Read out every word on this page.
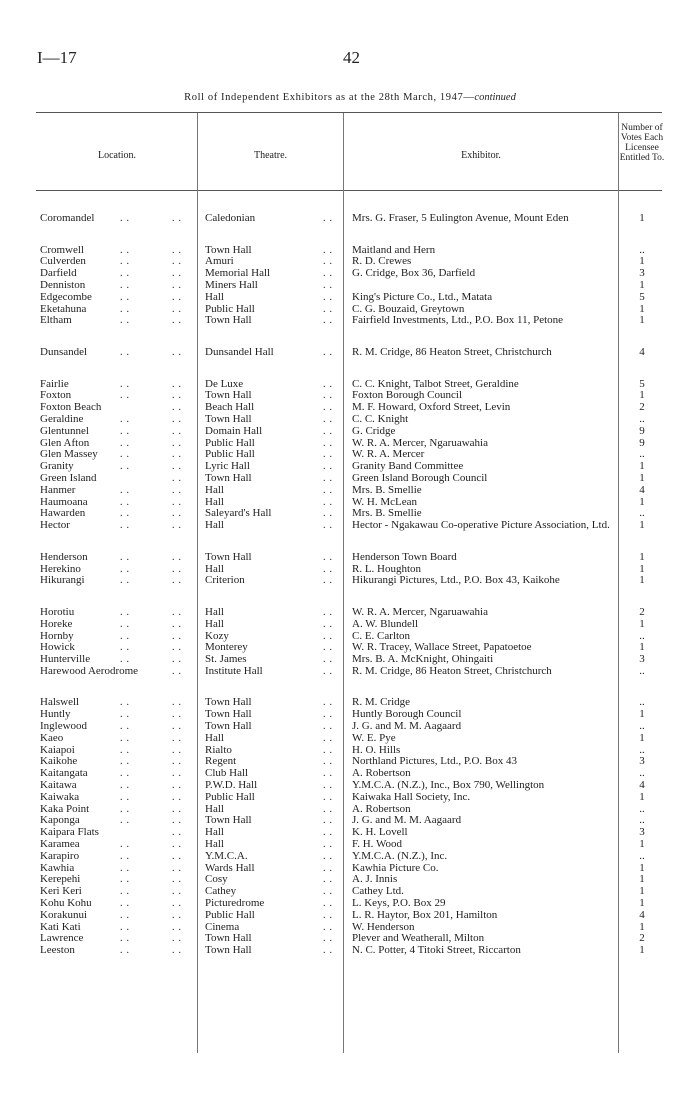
I—17	42
Roll of Independent Exhibitors as at the 28th March, 1947—continued
Location.	Theatre.	Exhibitor.
Number of Votes Each Licensee Entitled To.
Coromandel	..	.. Caledonian	.. Mrs. G. Fraser, 5 Eulington Avenue, Mount Eden	1
Cromwell	..	.. Town Hall	.. Maitland and Hern	..
Culverden	..	.. Amuri	.. R. D. Crewes	1
Darfield	..	.. Memorial Hall	.. G. Cridge, Box 36, Darfield	3
Denniston	..	.. Miners Hall	..	1
Edgecombe	..	.. Hall	.. King's Picture Co., Ltd., Matata	5
Eketahuna	..	.. Public Hall	.. C. G. Bouzaid, Greytown	1
Eltham	..	.. Town Hall	.. Fairfield Investments, Ltd., P.O. Box 11, Petone	1
Dunsandel	..	.. Dunsandel Hall	.. R. M. Cridge, 86 Heaton Street, Christchurch	4
Fairlie	..	.. De Luxe	.. C. C. Knight, Talbot Street, Geraldine	5
Foxton	..	.. Town Hall	.. Foxton Borough Council	1
Foxton Beach	.. Beach Hall	.. M. F. Howard, Oxford Street, Levin	2
Geraldine	..	.. Town Hall	.. C. C. Knight	..
Glentunnel	..	.. Domain Hall	.. G. Cridge	9
Glen Afton	..	.. Public Hall	.. W. R. A. Mercer, Ngaruawahia	9
Glen Massey	..	.. Public Hall	.. W. R. A. Mercer	..
Granity	..	.. Lyric Hall	.. Granity Band Committee	1
Green Island	.. Town Hall	.. Green Island Borough Council	1
Hanmer	..	.. Hall	.. Mrs. B. Smellie	4
Haumoana	..	.. Hall	.. W. H. McLean	1
Hawarden	..	.. Saleyard's Hall	.. Mrs. B. Smellie	..
Hector	..	.. Hall	.. Hector - Ngakawau Co-operative Picture Association, Ltd.	1
Henderson	..	.. Town Hall	.. Henderson Town Board	1
Herekino	..	.. Hall	.. R. L. Houghton	1
Hikurangi	..	.. Criterion	.. Hikurangi Pictures, Ltd., P.O. Box 43, Kaikohe	1
Horotiu	..	.. Hall	.. W. R. A. Mercer, Ngaruawahia	2
Horeke	..	.. Hall	.. A. W. Blundell	1
Hornby	..	.. Kozy	.. C. E. Carlton	..
Howick	..	.. Monterey	.. W. R. Tracey, Wallace Street, Papatoetoe	1
Hunterville	..	.. St. James	.. Mrs. B. A. McKnight, Ohingaiti	3
Harewood Aerodrome	.. Institute Hall	.. R. M. Cridge, 86 Heaton Street, Christchurch	..
Halswell	..	.. Town Hall	.. R. M. Cridge	..
Huntly	..	.. Town Hall	.. Huntly Borough Council	1
Inglewood	..	.. Town Hall	.. J. G. and M. M. Aagaard	..
Kaeo	..	.. Hall	.. W. E. Pye	1
Kaiapoi	..	.. Rialto	.. H. O. Hills	..
Kaikohe	..	.. Regent	.. Northland Pictures, Ltd., P.O. Box 43	3
Kaitangata	..	.. Club Hall	.. A. Robertson	..
Kaitawa	..	.. P.W.D. Hall	.. Y.M.C.A. (N.Z.), Inc., Box 790, Wellington	4
Kaiwaka	..	.. Public Hall	.. Kaiwaka Hall Society, Inc.	1
Kaka Point	..	.. Hall	.. A. Robertson	..
Kaponga	..	.. Town Hall	.. J. G. and M. M. Aagaard	..
Kaipara Flats	.. Hall	.. K. H. Lovell	3
Karamea	..	.. Hall	.. F. H. Wood	1
Karapiro	..	.. Y.M.C.A.	.. Y.M.C.A. (N.Z.), Inc.	..
Kawhia	..	.. Wards Hall	.. Kawhia Picture Co.	1
Kerepehi	..	.. Cosy	.. A. J. Innis	1
Keri Keri	..	.. Cathey	.. Cathey Ltd.	1
Kohu Kohu	..	.. Picturedrome	.. L. Keys, P.O. Box 29	1
Korakunui	..	.. Public Hall	.. L. R. Haytor, Box 201, Hamilton	4
Kati Kati	..	.. Cinema	.. W. Henderson	1
Lawrence	..	.. Town Hall	.. Plever and Weatherall, Milton	2
Leeston	..	.. Town Hall	.. N. C. Potter, 4 Titoki Street, Riccarton	1
